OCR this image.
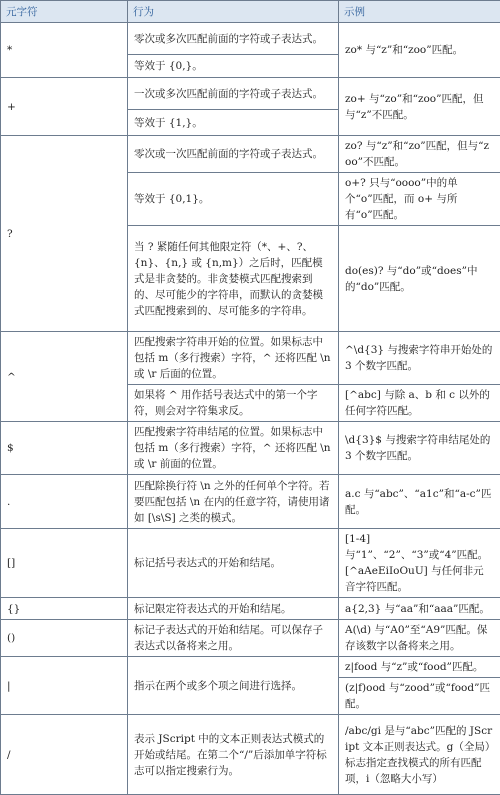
元字符	行为	示例
*	零次或多次匹配前面的字符或子表达式。	zo* 与“z”和“zoo”匹配。
	等效于 {0,}。	
+	一次或多次匹配前面的字符或子表达式。	zo+ 与“zo”和“zoo”匹配，但与“z”不匹配。
	等效于 {1,}。	
?	零次或一次匹配前面的字符或子表达式。	zo? 与“z”和“zo”匹配，但与“zoo”不匹配。
	等效于 {0,1}。	o+? 只与“oooo”中的单个“o”匹配，而 o+ 与所有“o”匹配。
	当 ? 紧随任何其他限定符（*、+、?、{n}、{n,} 或 {n,m}）之后时，匹配模式是非贪婪的。非贪婪模式匹配搜索到的、尽可能少的字符串，而默认的贪婪模式匹配搜索到的、尽可能多的字符串。	do(es)? 与“do”或“does”中的“do”匹配。
^	匹配搜索字符串开始的位置。如果标志中包括 m（多行搜索）字符，^ 还将匹配 \n 或 \r 后面的位置。	^\d{3} 与搜索字符串开始处的 3 个数字匹配。
	如果将 ^ 用作括号表达式中的第一个字符，则会对字符集求反。	[^abc] 与除 a、b 和 c 以外的任何字符匹配。
$	匹配搜索字符串结尾的位置。如果标志中包括 m（多行搜索）字符，^ 还将匹配 \n 或 \r 前面的位置。	\d{3}$ 与搜索字符串结尾处的 3 个数字匹配。
.	匹配除换行符 \n 之外的任何单个字符。若要匹配包括 \n 在内的任意字符，请使用诸如 [\s\S] 之类的模式。	a.c 与“abc”、“a1c”和“a-c”匹配。
[]	标记括号表达式的开始和结尾。	[1-4] 与“1”、“2”、“3”或“4”匹配。[^aAeEiIoOuU] 与任何非元音字符匹配。
{}	标记限定符表达式的开始和结尾。	a{2,3} 与“aa”和“aaa”匹配。
()	标记子表达式的开始和结尾。可以保存子表达式以备将来之用。	A(\d) 与“A0”至“A9”匹配。保存该数字以备将来之用。
|	指示在两个或多个项之间进行选择。	z|food 与“z”或“food”匹配。
		(z|f)ood 与“zood”或“food”匹配。
/	表示 JScript 中的文本正则表达式模式的开始或结尾。在第二个“/”后添加单字符标志可以指定搜索行为。	/abc/gi 是与“abc”匹配的 JScript 文本正则表达式。g（全局）标志指定查找模式的所有匹配项，i（忽略大小写）
